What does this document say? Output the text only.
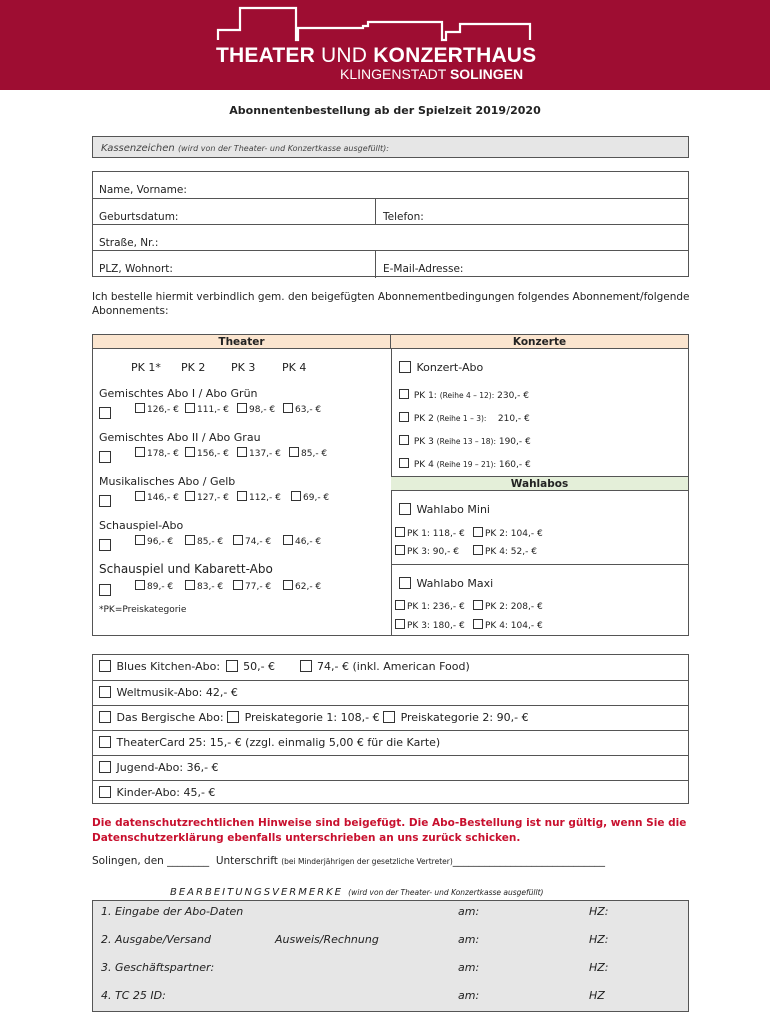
THEATER UND KONZERTHAUS
KLINGENSTADT SOLINGEN
Abonnentenbestellung ab der Spielzeit 2019/2020
Kassenzeichen (wird von der Theater- und Konzertkasse ausgefüllt):
Name, Vorname:
Geburtsdatum:	Telefon:
Straße, Nr.:
PLZ, Wohnort:	E-Mail-Adresse:
Ich bestelle hiermit verbindlich gem. den beigefügten Abonnementbedingungen folgendes Abonnement/folgende Abonnements:
Theater	Konzerte
PK 1* PK 2 PK 3 PK 4
Gemischtes Abo I / Abo Grün
126,- €	111,- €	98,- €	63,- €
Gemischtes Abo II / Abo Grau
178,- €	156,- €	137,- €	85,- €
Musikalisches Abo / Gelb
146,- €	127,- €	112,- €	69,- €
Schauspiel-Abo
96,- €	85,- €	74,- €	46,- €
Schauspiel und Kabarett-Abo
89,- €	83,- €	77,- €	62,- €
*PK=Preiskategorie
Konzert-Abo
PK 1: (Reihe 4 – 12): 230,- €
PK 2 (Reihe 1 – 3): 210,- €
PK 3 (Reihe 13 – 18): 190,- €
PK 4 (Reihe 19 – 21): 160,- €
Wahlabos
Wahlabo Mini
PK 1: 118,- €	PK 2: 104,- €
PK 3: 90,- €	PK 4: 52,- €
Wahlabo Maxi
PK 1: 236,- €	PK 2: 208,- €
PK 3: 180,- €	PK 4: 104,- €
Blues Kitchen-Abo: 50,- €	74,- € (inkl. American Food)
Weltmusik-Abo: 42,- €
Das Bergische Abo: Preiskategorie 1: 108,- € Preiskategorie 2: 90,- €
TheaterCard 25: 15,- € (zzgl. einmalig 5,00 € für die Karte)
Jugend-Abo: 36,- €
Kinder-Abo: 45,- €
Die datenschutzrechtlichen Hinweise sind beigefügt. Die Abo-Bestellung ist nur gültig, wenn Sie die Datenschutzerklärung ebenfalls unterschrieben an uns zurück schicken.
Solingen, den ________ Unterschrift (bei Minderjährigen der gesetzliche Vertreter)_____________________________
BEARBEITUNGSVERMERKE (wird von der Theater- und Konzertkasse ausgefüllt)
1. Eingabe der Abo-Daten	am:	HZ:
2. Ausgabe/Versand	Ausweis/Rechnung	am:	HZ:
3. Geschäftspartner:	am:	HZ:
4. TC 25 ID:	am:	HZ
